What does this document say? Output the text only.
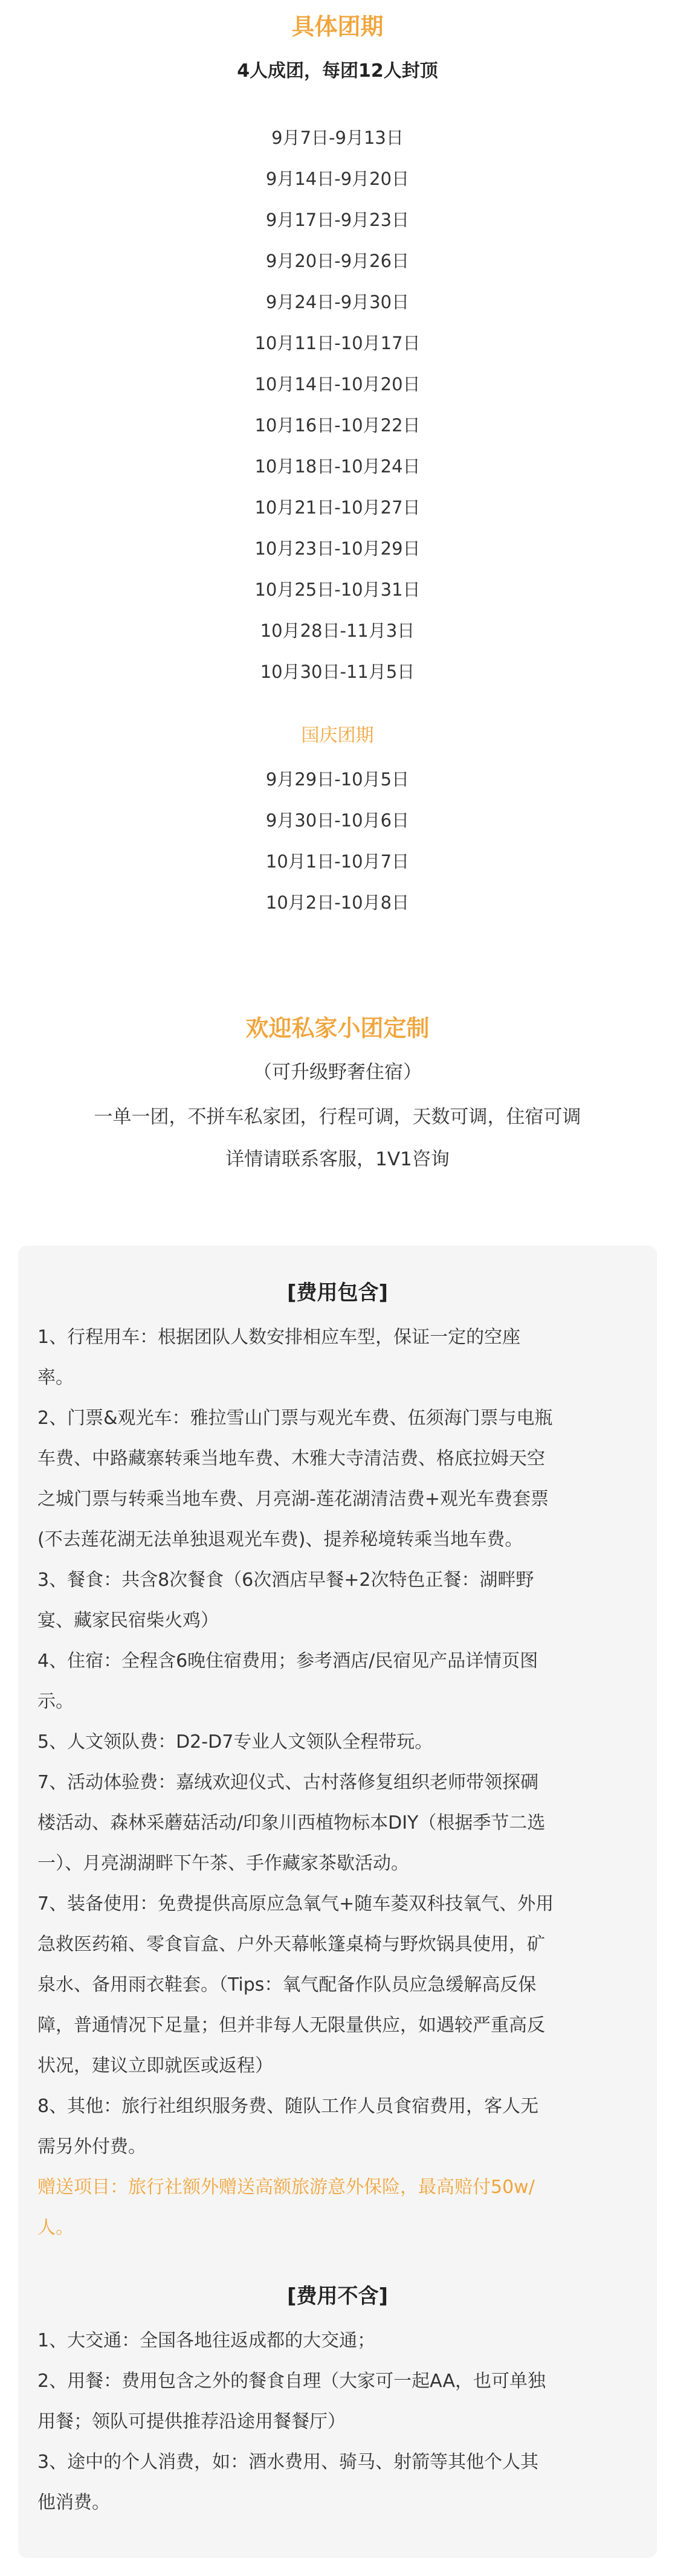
具体团期

4人成团，每团12人封顶

9月7日-9月13日
9月14日-9月20日
9月17日-9月23日
9月20日-9月26日
9月24日-9月30日
10月11日-10月17日
10月14日-10月20日
10月16日-10月22日
10月18日-10月24日
10月21日-10月27日
10月23日-10月29日
10月25日-10月31日
10月28日-11月3日
10月30日-11月5日

国庆团期

9月29日-10月5日
9月30日-10月6日
10月1日-10月7日
10月2日-10月8日
欢迎私家小团定制

（可升级野奢住宿）

一单一团，不拼车私家团，行程可调，天数可调，住宿可调

详情请联系客服，1V1咨询

[费用包含]

1、行程用车：根据团队人数安排相应车型，保证一定的空座

率。

2、门票&观光车：雅拉雪山门票与观光车费、伍须海门票与电瓶

车费、中路藏寨转乘当地车费、木雅大寺清洁费、格底拉姆天空

之城门票与转乘当地车费、月亮湖-莲花湖清洁费+观光车费套票

(不去莲花湖无法单独退观光车费)、提养秘境转乘当地车费。

3、餐食：共含8次餐食（6次酒店早餐+2次特色正餐：湖畔野

宴、藏家民宿柴火鸡）

4、住宿：全程含6晚住宿费用；参考酒店/民宿见产品详情页图

示。

5、人文领队费：D2-D7专业人文领队全程带玩。

7、活动体验费：嘉绒欢迎仪式、古村落修复组织老师带领探碉

楼活动、森林采蘑菇活动/印象川西植物标本DIY（根据季节二选

一）、月亮湖湖畔下午茶、手作藏家茶歇活动。

7、装备使用：免费提供高原应急氧气+随车菱双科技氧气、外用

急救医药箱、零食盲盒、户外天幕帐篷桌椅与野炊锅具使用，矿

泉水、备用雨衣鞋套。（Tips：氧气配备作队员应急缓解高反保

障，普通情况下足量；但并非每人无限量供应，如遇较严重高反

状况，建议立即就医或返程）

8、其他：旅行社组织服务费、随队工作人员食宿费用，客人无

需另外付费。

赠送项目：旅行社额外赠送高额旅游意外保险，最高赔付50w/

人。

[费用不含]

1、大交通：全国各地往返成都的大交通；

2、用餐：费用包含之外的餐食自理（大家可一起AA，也可单独

用餐；领队可提供推荐沿途用餐餐厅）

3、途中的个人消费，如：酒水费用、骑马、射箭等其他个人其

他消费。
